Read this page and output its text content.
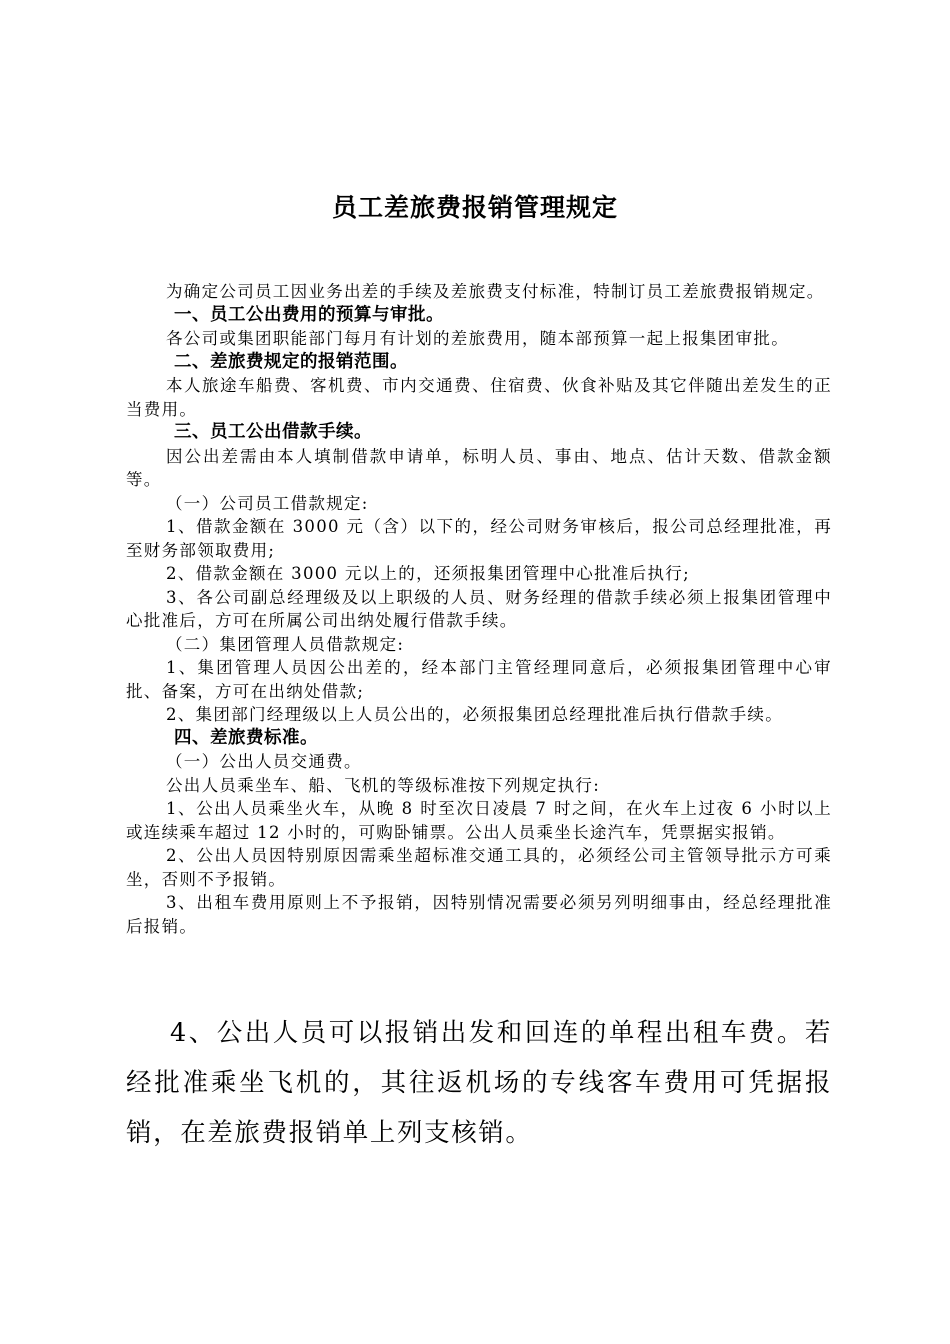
员工差旅费报销管理规定

为确定公司员工因业务出差的手续及差旅费支付标准，特制订员工差旅费报销规定。

一、员工公出费用的预算与审批。

各公司或集团职能部门每月有计划的差旅费用，随本部预算一起上报集团审批。

二、差旅费规定的报销范围。

本人旅途车船费、客机费、市内交通费、住宿费、伙食补贴及其它伴随出差发生的正当费用。

三、员工公出借款手续。

因公出差需由本人填制借款申请单，标明人员、事由、地点、估计天数、借款金额等。

（一）公司员工借款规定:

1、借款金额在 3000 元（含）以下的，经公司财务审核后，报公司总经理批准，再至财务部领取费用;

2、借款金额在 3000 元以上的，还须报集团管理中心批准后执行;

3、各公司副总经理级及以上职级的人员、财务经理的借款手续必须上报集团管理中心批准后，方可在所属公司出纳处履行借款手续。

（二）集团管理人员借款规定:

1、集团管理人员因公出差的，经本部门主管经理同意后，必须报集团管理中心审批、备案，方可在出纳处借款;

2、集团部门经理级以上人员公出的，必须报集团总经理批准后执行借款手续。

四、差旅费标准。

（一）公出人员交通费。

公出人员乘坐车、船、飞机的等级标准按下列规定执行:

1、公出人员乘坐火车，从晚 8 时至次日凌晨 7 时之间，在火车上过夜 6 小时以上或连续乘车超过 12 小时的，可购卧铺票。公出人员乘坐长途汽车，凭票据实报销。

2、公出人员因特别原因需乘坐超标准交通工具的，必须经公司主管领导批示方可乘坐，否则不予报销。

3、出租车费用原则上不予报销，因特别情况需要必须另列明细事由，经总经理批准后报销。

4、公出人员可以报销出发和回连的单程出租车费。若经批准乘坐飞机的，其往返机场的专线客车费用可凭据报销，在差旅费报销单上列支核销。
